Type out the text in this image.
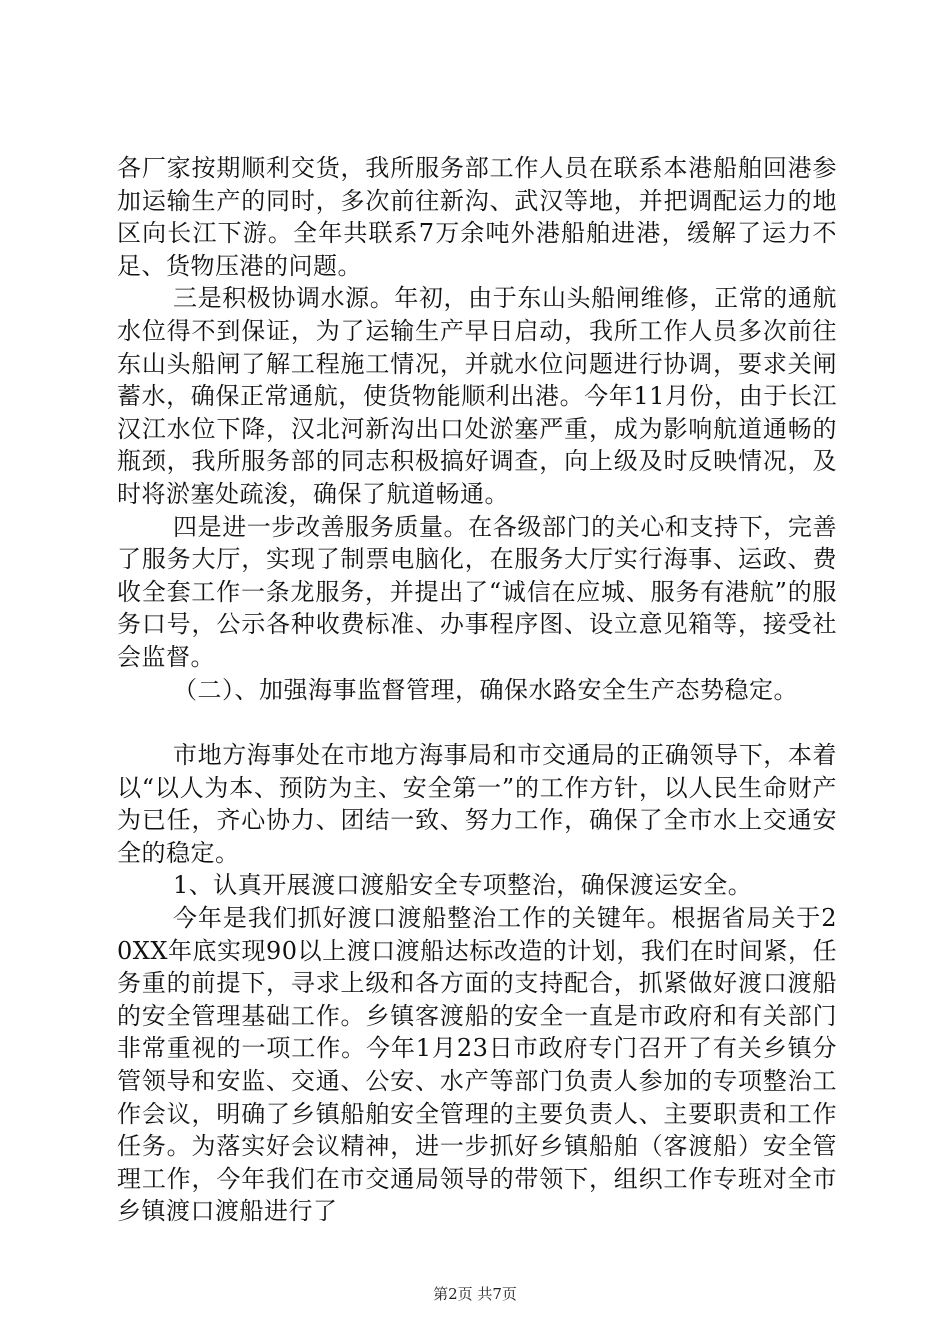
各厂家按期顺利交货，我所服务部工作人员在联系本港船舶回港参加运输生产的同时，多次前往新沟、武汉等地，并把调配运力的地区向长江下游。全年共联系7万余吨外港船舶进港，缓解了运力不足、货物压港的问题。

三是积极协调水源。年初，由于东山头船闸维修，正常的通航水位得不到保证，为了运输生产早日启动，我所工作人员多次前往东山头船闸了解工程施工情况，并就水位问题进行协调，要求关闸蓄水，确保正常通航，使货物能顺利出港。今年11月份，由于长江汉江水位下降，汉北河新沟出口处淤塞严重，成为影响航道通畅的瓶颈，我所服务部的同志积极搞好调查，向上级及时反映情况，及时将淤塞处疏浚，确保了航道畅通。

四是进一步改善服务质量。在各级部门的关心和支持下，完善了服务大厅，实现了制票电脑化，在服务大厅实行海事、运政、费收全套工作一条龙服务，并提出了“诚信在应城、服务有港航”的服务口号，公示各种收费标准、办事程序图、设立意见箱等，接受社会监督。

（二）、加强海事监督管理，确保水路安全生产态势稳定。

市地方海事处在市地方海事局和市交通局的正确领导下，本着以“以人为本、预防为主、安全第一”的工作方针，以人民生命财产为已任，齐心协力、团结一致、努力工作，确保了全市水上交通安全的稳定。

1、认真开展渡口渡船安全专项整治，确保渡运安全。

今年是我们抓好渡口渡船整治工作的关键年。根据省局关于20XX年底实现90以上渡口渡船达标改造的计划，我们在时间紧，任务重的前提下，寻求上级和各方面的支持配合，抓紧做好渡口渡船的安全管理基础工作。乡镇客渡船的安全一直是市政府和有关部门非常重视的一项工作。今年1月23日市政府专门召开了有关乡镇分管领导和安监、交通、公安、水产等部门负责人参加的专项整治工作会议，明确了乡镇船舶安全管理的主要负责人、主要职责和工作任务。为落实好会议精神，进一步抓好乡镇船舶（客渡船）安全管理工作，今年我们在市交通局领导的带领下，组织工作专班对全市乡镇渡口渡船进行了

第2页 共7页
